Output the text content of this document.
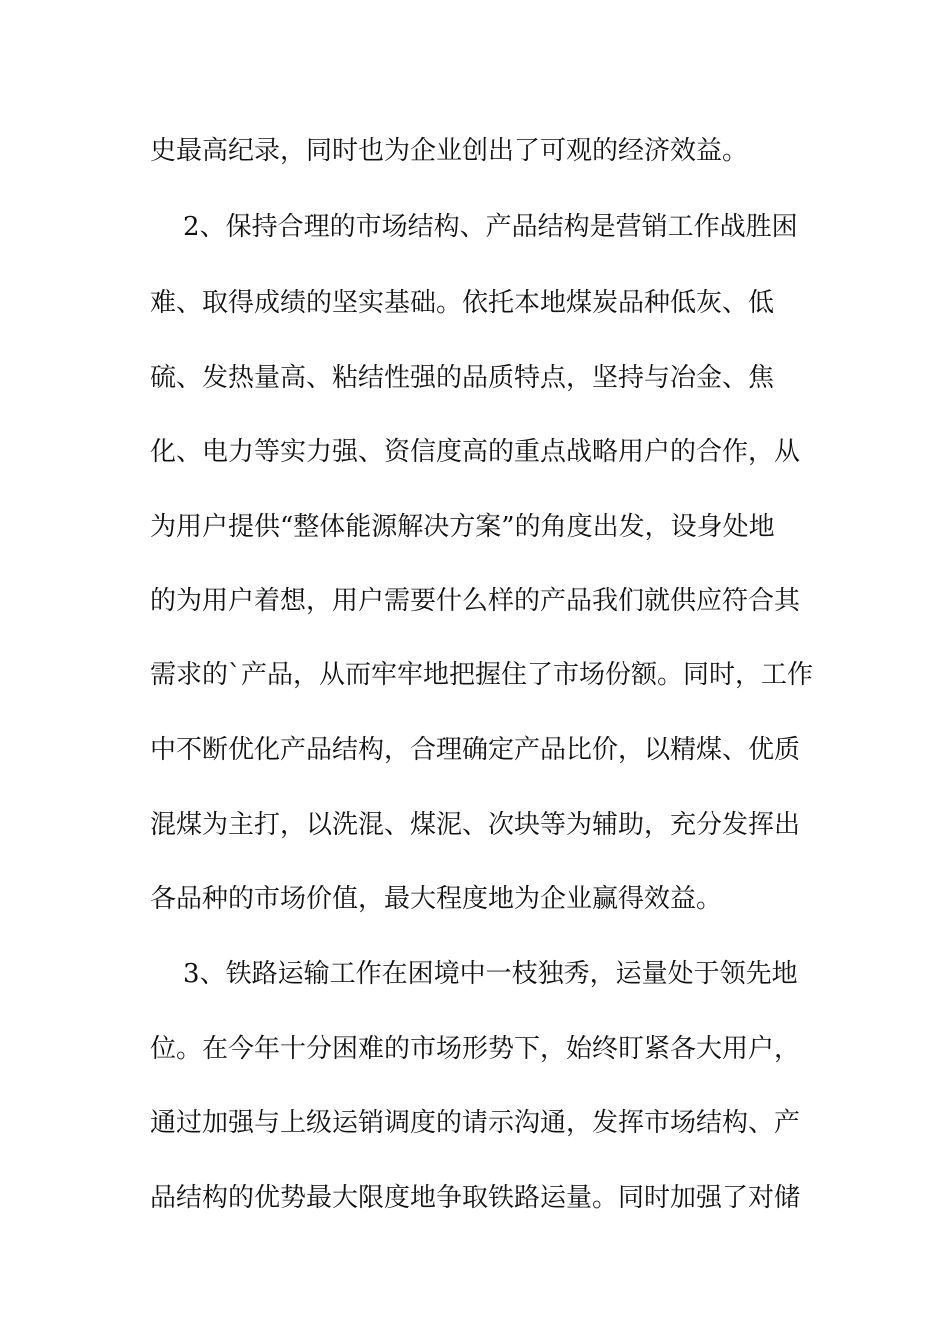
史最高纪录，同时也为企业创出了可观的经济效益。
2、保持合理的市场结构、产品结构是营销工作战胜困
难、取得成绩的坚实基础。依托本地煤炭品种低灰、低
硫、发热量高、粘结性强的品质特点，坚持与冶金、焦
化、电力等实力强、资信度高的重点战略用户的合作，从
为用户提供“整体能源解决方案”的角度出发，设身处地
的为用户着想，用户需要什么样的产品我们就供应符合其
需求的`产品，从而牢牢地把握住了市场份额。同时，工作
中不断优化产品结构，合理确定产品比价，以精煤、优质
混煤为主打，以洗混、煤泥、次块等为辅助，充分发挥出
各品种的市场价值，最大程度地为企业赢得效益。
3、铁路运输工作在困境中一枝独秀，运量处于领先地
位。在今年十分困难的市场形势下，始终盯紧各大用户，
通过加强与上级运销调度的请示沟通，发挥市场结构、产
品结构的优势最大限度地争取铁路运量。同时加强了对储
